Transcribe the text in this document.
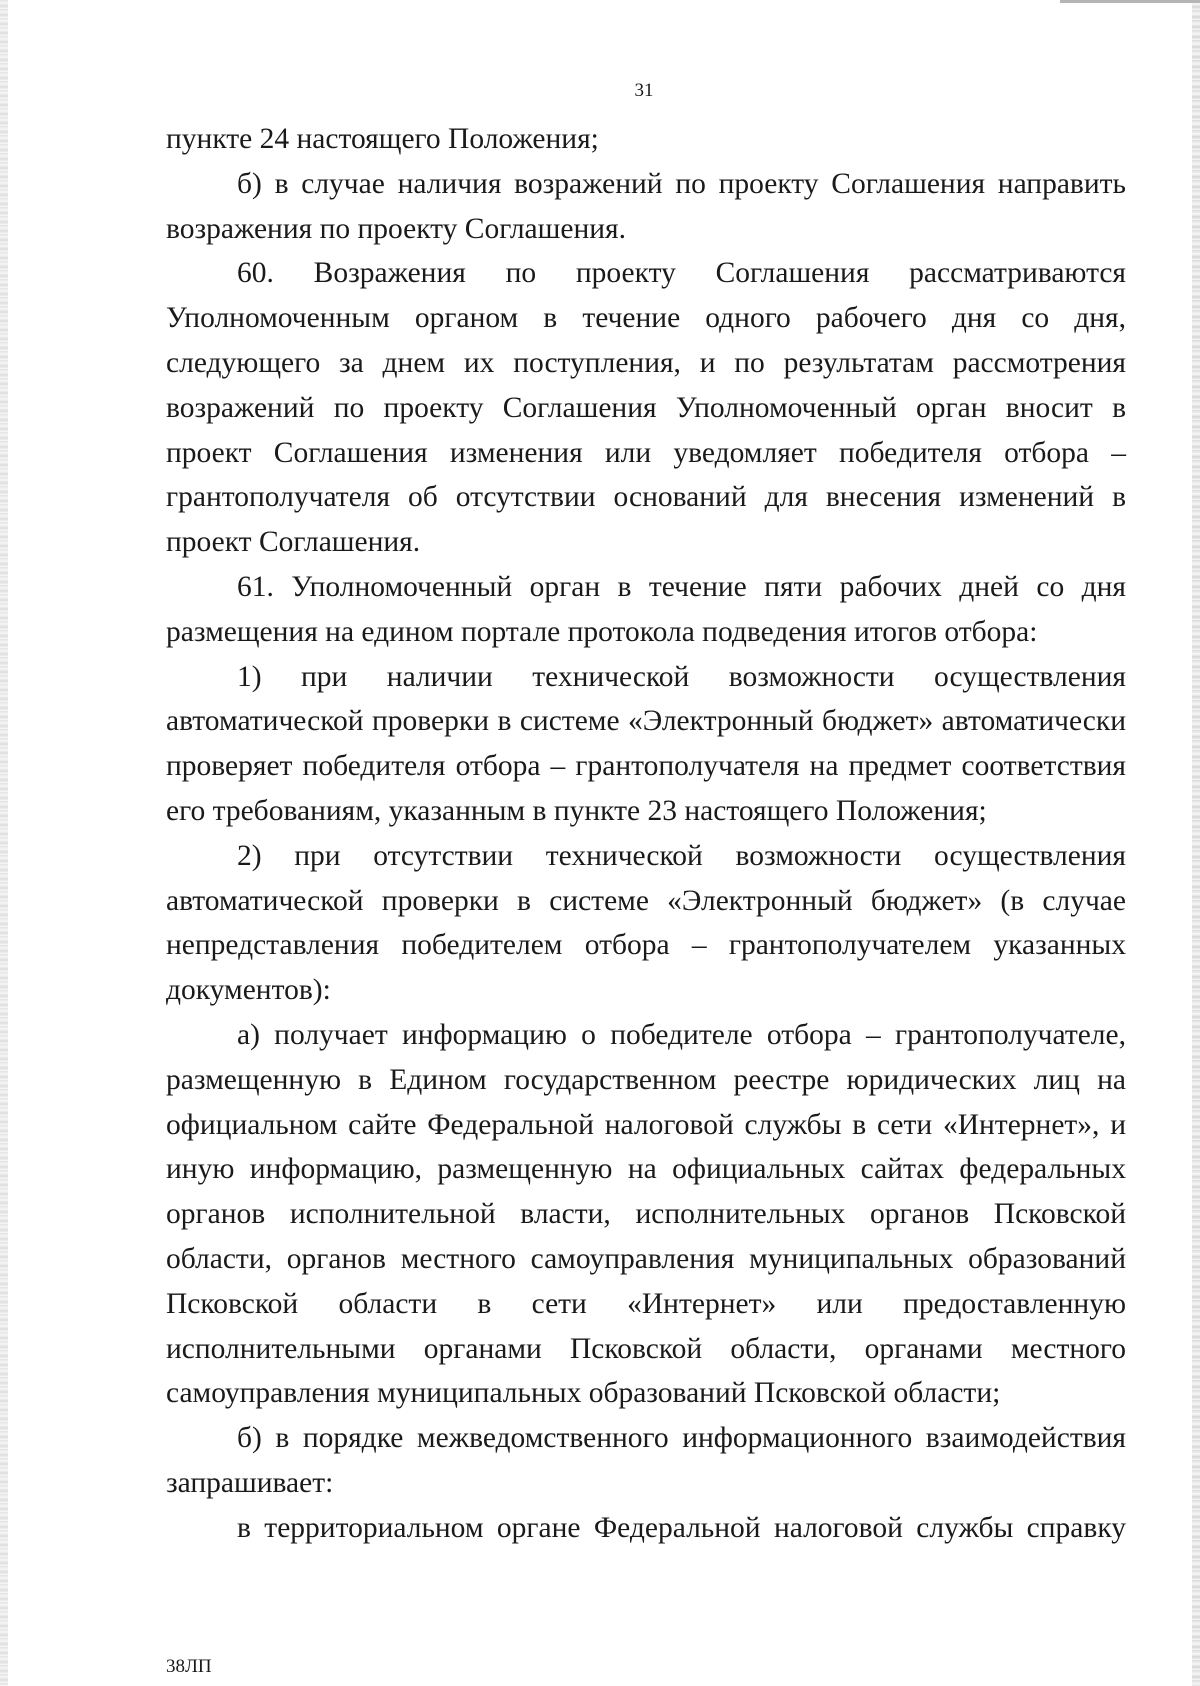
31

пункте 24 настоящего Положения;

б) в случае наличия возражений по проекту Соглашения направить возражения по проекту Соглашения.

60. Возражения по проекту Соглашения рассматриваются Уполномоченным органом в течение одного рабочего дня со дня, следующего за днем их поступления, и по результатам рассмотрения возражений по проекту Соглашения Уполномоченный орган вносит в проект Соглашения изменения или уведомляет победителя отбора – грантополучателя об отсутствии оснований для внесения изменений в проект Соглашения.

61. Уполномоченный орган в течение пяти рабочих дней со дня размещения на едином портале протокола подведения итогов отбора:

1) при наличии технической возможности осуществления автоматической проверки в системе «Электронный бюджет» автоматически проверяет победителя отбора – грантополучателя на предмет соответствия его требованиям, указанным в пункте 23 настоящего Положения;

2) при отсутствии технической возможности осуществления автоматической проверки в системе «Электронный бюджет» (в случае непредставления победителем отбора – грантополучателем указанных документов):

а) получает информацию о победителе отбора – грантополучателе, размещенную в Едином государственном реестре юридических лиц на официальном сайте Федеральной налоговой службы в сети «Интернет», и иную информацию, размещенную на официальных сайтах федеральных органов исполнительной власти, исполнительных органов Псковской области, органов местного самоуправления муниципальных образований Псковской области в сети «Интернет» или предоставленную исполнительными органами Псковской области, органами местного самоуправления муниципальных образований Псковской области;

б) в порядке межведомственного информационного взаимодействия запрашивает:

в территориальном органе Федеральной налоговой службы справку

38ЛП
